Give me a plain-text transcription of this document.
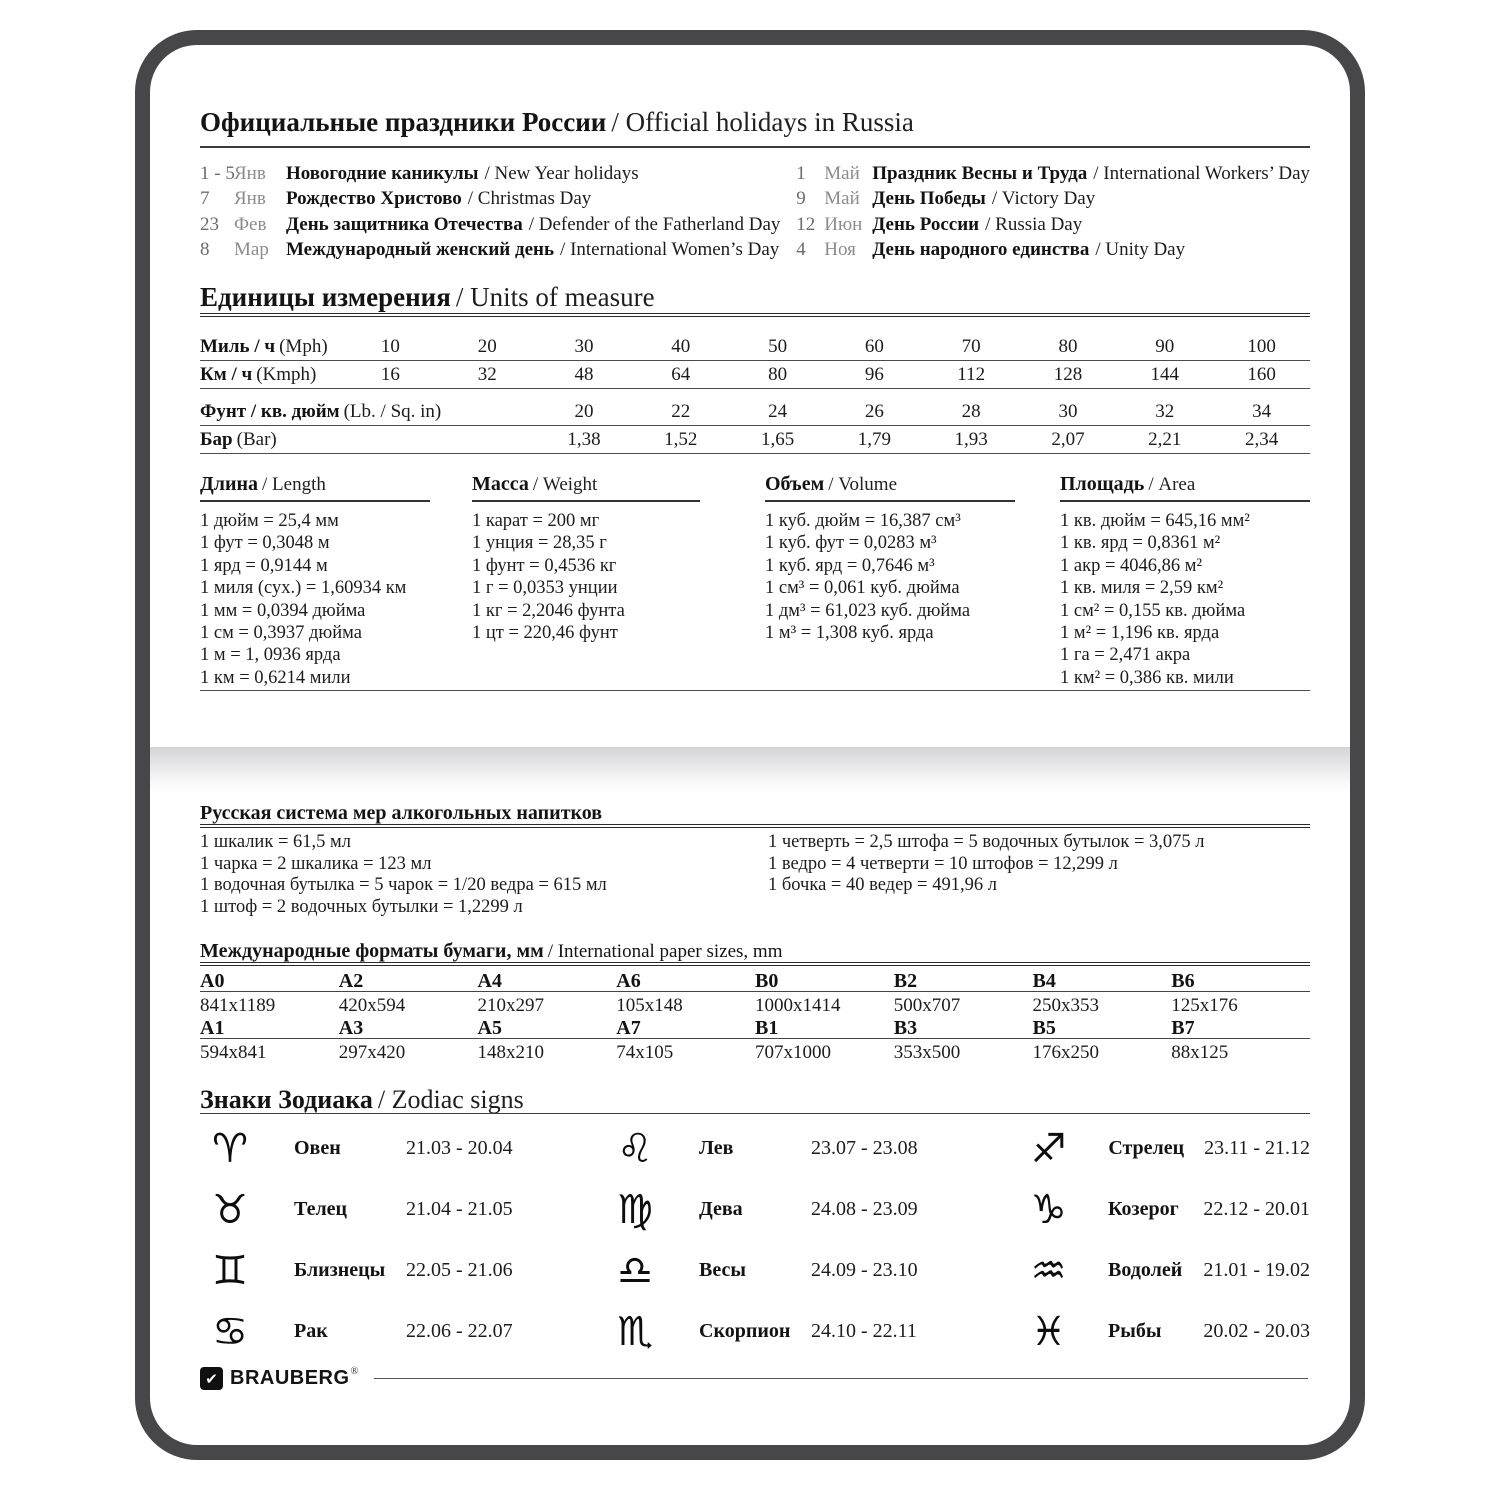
Официальные праздники России / Official holidays in Russia
1 - 5 Янв	Новогодние каникулы / New Year holidays
7	Янв	Рождество Христово / Christmas Day
23 Фев	День защитника Отечества / Defender of the Fatherland Day
8	Мар Международный женский день / International Women’s Day
1 Май Праздник Весны и Труда / International Workers’ Day
9 Май День Победы / Victory Day
12 Июн День России / Russia Day
4 Ноя День народного единства / Unity Day
Единицы измерения / Units of measure
Миль / ч (Mph)	10	20	30	40	50	60	70	80	90	100
Км / ч (Kmph)	16	32	48	64	80	96	112	128	144	160
Фунт / кв. дюйм (Lb. / Sq. in)	20	22	24	26	28	30	32	34
Бар (Bar)	1,38	1,52	1,65	1,79	1,93	2,07	2,21	2,34
Длина / Length
1 дюйм = 25,4 мм
1 фут = 0,3048 м
1 ярд = 0,9144 м
1 миля (сух.) = 1,60934 км
1 мм = 0,0394 дюйма
1 см = 0,3937 дюйма
1 м = 1, 0936 ярда
1 км = 0,6214 мили
Масса / Weight
1 карат = 200 мг
1 унция = 28,35 г
1 фунт = 0,4536 кг
1 г = 0,0353 унции
1 кг = 2,2046 фунта
1 цт = 220,46 фунт
Объем / Volume
1 куб. дюйм = 16,387 см³
1 куб. фут = 0,0283 м³
1 куб. ярд = 0,7646 м³
1 см³ = 0,061 куб. дюйма
1 дм³ = 61,023 куб. дюйма
1 м³ = 1,308 куб. ярда
Площадь / Area
1 кв. дюйм = 645,16 мм²
1 кв. ярд = 0,8361 м²
1 акр = 4046,86 м²
1 кв. миля = 2,59 км²
1 см² = 0,155 кв. дюйма
1 м² = 1,196 кв. ярда
1 га = 2,471 акра
1 км² = 0,386 кв. мили
Русская система мер алкогольных напитков
1 шкалик = 61,5 мл
1 чарка = 2 шкалика = 123 мл
1 водочная бутылка = 5 чарок = 1/20 ведра = 615 мл
1 штоф = 2 водочных бутылки = 1,2299 л
1 четверть = 2,5 штофа = 5 водочных бутылок = 3,075 л
1 ведро = 4 четверти = 10 штофов = 12,299 л
1 бочка = 40 ведер = 491,96 л
Международные форматы бумаги, мм / International paper sizes, mm
A0	A2	A4	A6	B0	B2	B4	B6
841x1189	420x594	210x297	105x148	1000x1414	500x707	250x353	125x176
A1	A3	A5	A7	B1	B3	B5	B7
594x841	297x420	148x210	74x105	707x1000	353x500	176x250	88x125
Знаки Зодиака / Zodiac signs
♈	Овен	21.03 - 20.04
♉	Телец	21.04 - 21.05
♊	Близнецы	22.05 - 21.06
♋	Рак	22.06 - 22.07
♌	Лев	23.07 - 23.08
♍	Дева	24.08 - 23.09
♎	Весы	24.09 - 23.10
♏	Скорпион	24.10 - 22.11
♐	Стрелец 23.11 - 21.12
♑	Козерог	22.12 - 20.01
♒	Водолей	21.01 - 19.02
♓	Рыбы	20.02 - 20.03
✔ BRAUBERG®
